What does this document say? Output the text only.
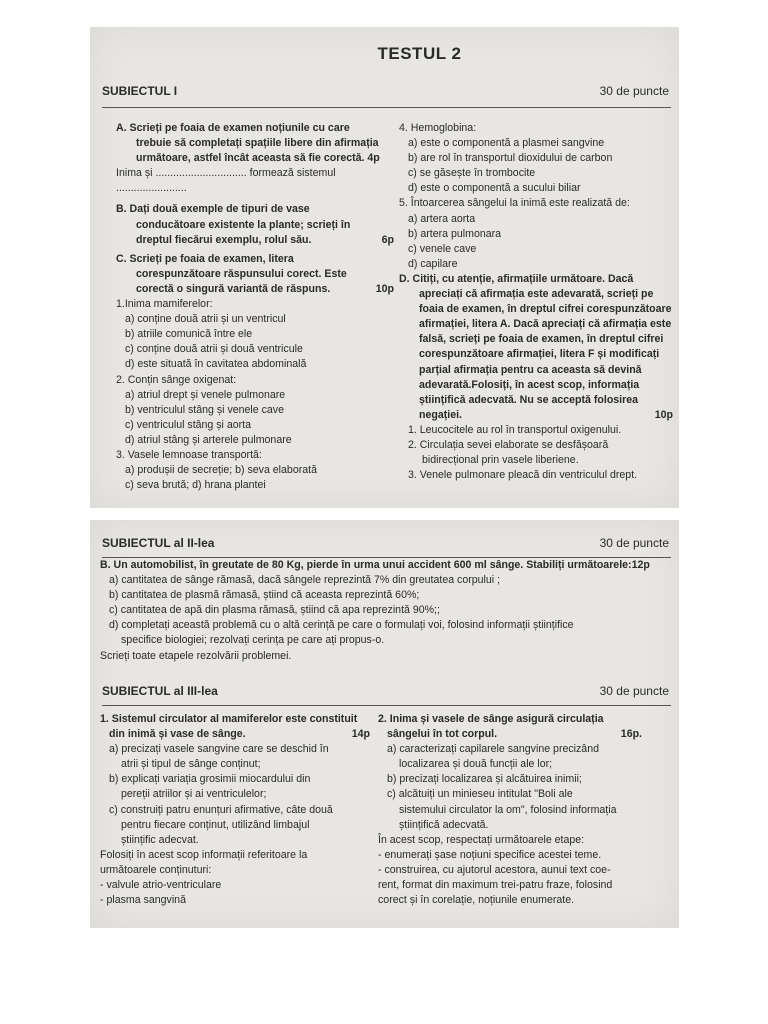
TESTUL 2
SUBIECTUL I	30 de puncte

A. Scrieți pe foaia de examen noțiunile cu care

trebuie să completați spațiile libere din afirmația

următoare, astfel încât aceasta să fie corectă. 4p

Inima și ............................... formează sistemul

........................

B. Dați două exemple de tipuri de vase

conducătoare existente la plante; scrieți în

dreptul fiecărui exemplu, rolul său.	6p

C. Scrieți pe foaia de examen, litera

corespunzătoare răspunsului corect. Este

corectă o singură variantă de răspuns.	10p

1.Inima mamiferelor:

a) conține două atrii și un ventricul

b) atriile comunică între ele

c) conține două atrii și două ventricule

d) este situată în cavitatea abdominală

2. Conțin sânge oxigenat:

a) atriul drept și venele pulmonare

b) ventriculul stâng și venele cave

c) ventriculul stâng și aorta

d) atriul stâng și arterele pulmonare

3. Vasele lemnoase transportă:

a) produșii de secreție; b) seva elaborată

c) seva brută; d) hrana plantei

4. Hemoglobina:

a) este o componentă a plasmei sangvine

b) are rol în transportul dioxidului de carbon

c) se găsește în trombocite

d) este o componentă a sucului biliar

5. Întoarcerea sângelui la inimă este realizată de:

a) artera aorta

b) artera pulmonara

c) venele cave

d) capilare

D. Citiți, cu atenție, afirmațiile următoare. Dacă

apreciați că afirmația este adevarată, scrieți pe

foaia de examen, în dreptul cifrei corespunzătoare

afirmației, litera A. Dacă apreciați că afirmația este

falsă, scrieți pe foaia de examen, în dreptul cifrei

corespunzătoare afirmației, litera F și modificați

parțial afirmația pentru ca aceasta să devină

adevarată.Folosiți, în acest scop, informația

științifică adecvată. Nu se acceptă folosirea

negației.	10p

1. Leucocitele au rol în transportul oxigenului.

2. Circulația sevei elaborate se desfășoară

bidirecțional prin vasele liberiene.

3. Venele pulmonare pleacă din ventriculul drept.

SUBIECTUL al II-lea	30 de puncte

B. Un automobilist, în greutate de 80 Kg, pierde în urma unui accident 600 ml sânge. Stabiliți următoarele:12p

a) cantitatea de sânge rămasă, dacă sângele reprezintă 7% din greutatea corpului ;

b) cantitatea de plasmă rămasă, știind că aceasta reprezintă 60%;

c) cantitatea de apă din plasma rămasă, știind că apa reprezintă 90%;;

d) completați această problemă cu o altă cerință pe care o formulați voi, folosind informații științifice

specifice biologiei; rezolvați cerința pe care ați propus-o.

Scrieți toate etapele rezolvării problemei.

SUBIECTUL al III-lea	30 de puncte

1. Sistemul circulator al mamiferelor este constituit

din inimă și vase de sânge.	14p

a) precizați vasele sangvine care se deschid în

atrii și tipul de sânge conținut;

b) explicați variația grosimii miocardului din

pereții atriilor și ai ventriculelor;

c) construiți patru enunțuri afirmative, câte două

pentru fiecare conținut, utilizând limbajul

științific adecvat.

Folosiți în acest scop informații referitoare la

următoarele conținuturi:

- valvule atrio-ventriculare

- plasma sangvină

2. Inima și vasele de sânge asigură circulația

sângelui în tot corpul.	16p.

a) caracterizați capilarele sangvine precizând

localizarea și două funcții ale lor;

b) precizați localizarea și alcătuirea inimii;

c) alcătuiți un minieseu intitulat "Boli ale

sistemului circulator la om", folosind informația

științifică adecvată.

În acest scop, respectați următoarele etape:

- enumerați șase noțiuni specifice acestei teme.

- construirea, cu ajutorul acestora, aunui text coe-

rent, format din maximum trei-patru fraze, folosind

corect și în corelație, noțiunile enumerate.
